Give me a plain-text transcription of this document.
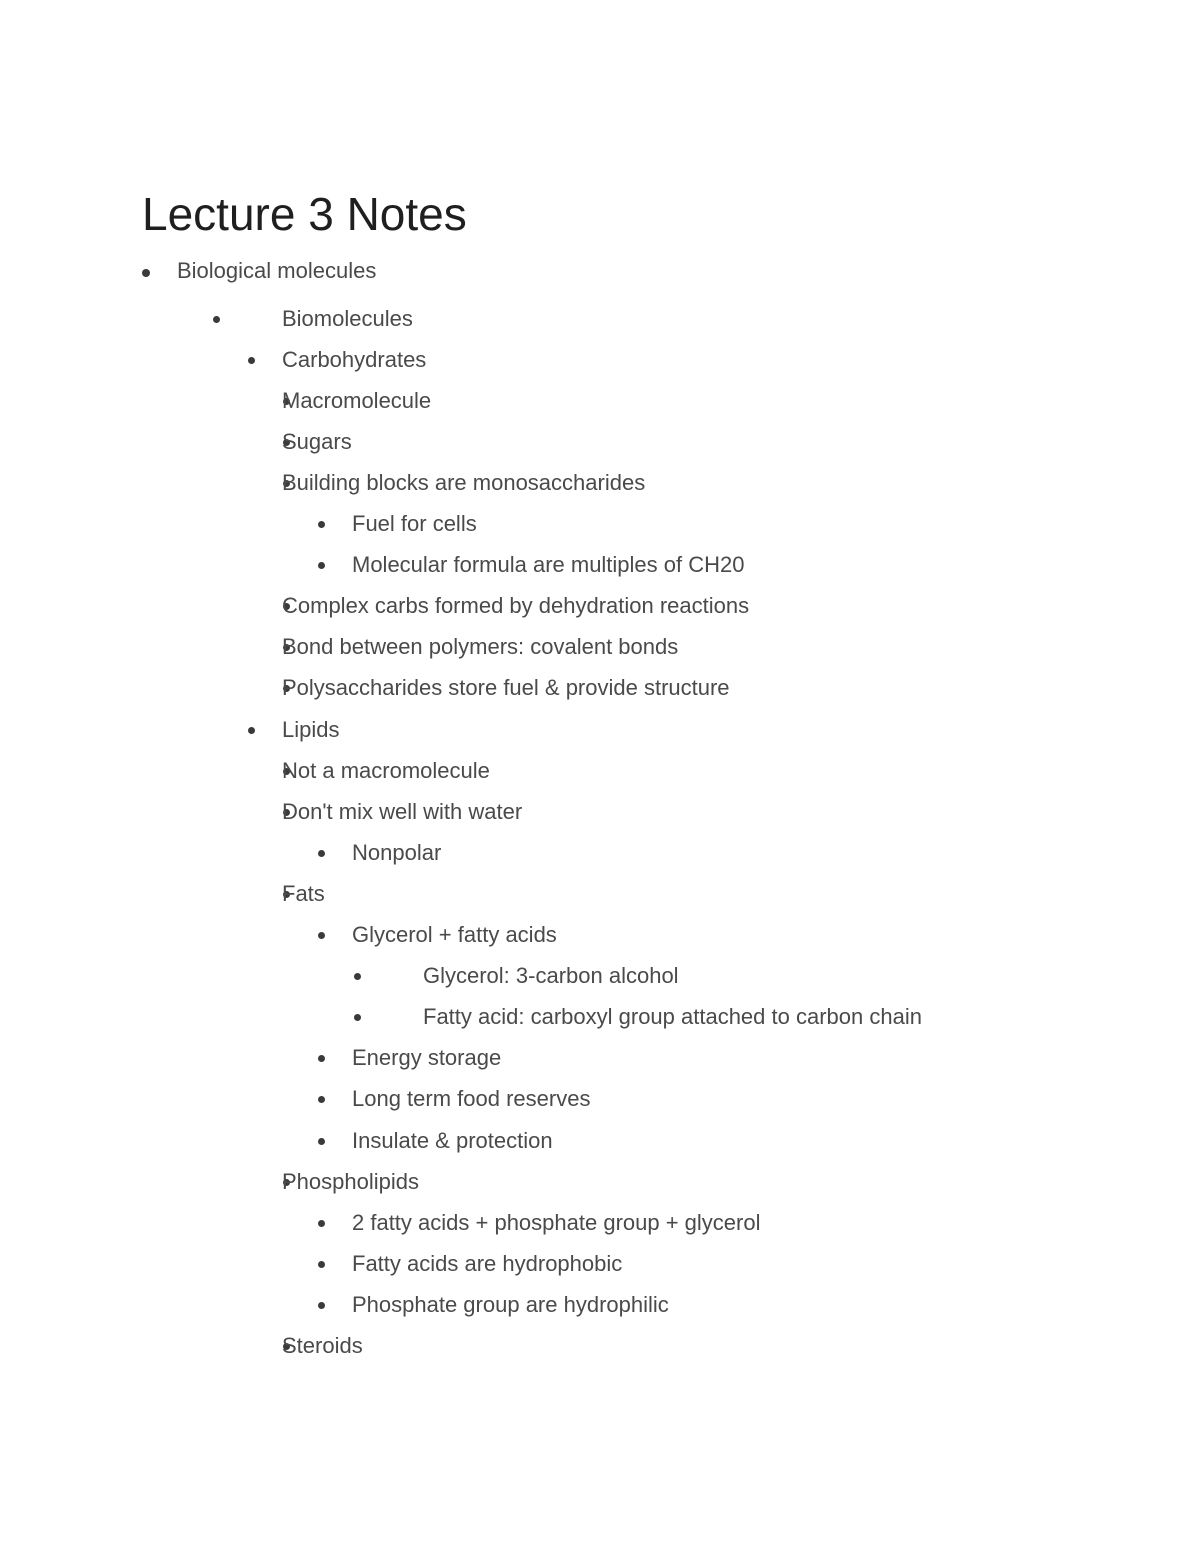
Lecture 3 Notes
Biological molecules
Biomolecules
Carbohydrates
Macromolecule
Sugars
Building blocks are monosaccharides
Fuel for cells
Molecular formula are multiples of CH20
Complex carbs formed by dehydration reactions
Bond between polymers: covalent bonds
Polysaccharides store fuel & provide structure
Lipids
Not a macromolecule
Don't mix well with water
Nonpolar
Fats
Glycerol + fatty acids
Glycerol: 3-carbon alcohol
Fatty acid: carboxyl group attached to carbon chain
Energy storage
Long term food reserves
Insulate & protection
Phospholipids
2 fatty acids + phosphate group + glycerol
Fatty acids are hydrophobic
Phosphate group are hydrophilic
Steroids
